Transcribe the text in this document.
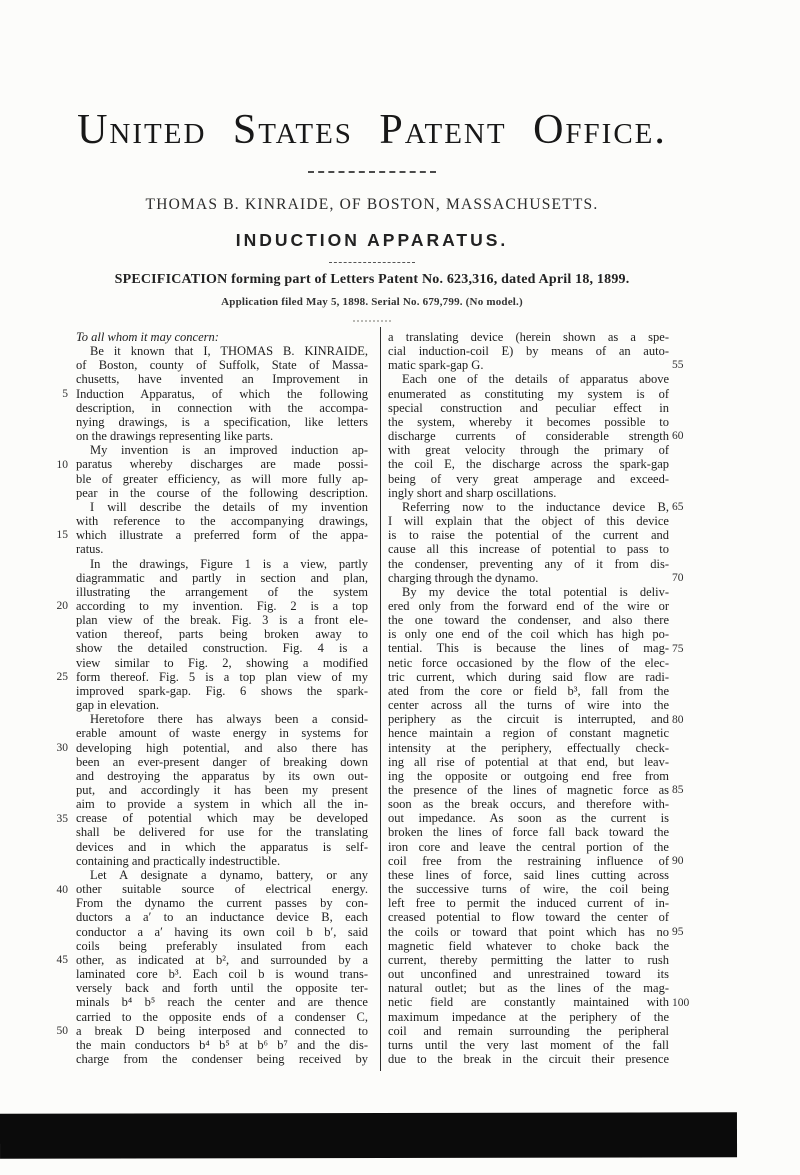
United States Patent Office.
THOMAS B. KINRAIDE, OF BOSTON, MASSACHUSETTS.
INDUCTION APPARATUS.
SPECIFICATION forming part of Letters Patent No. 623,316, dated April 18, 1899.
Application filed May 5, 1898. Serial No. 679,799. (No model.)
5
10
15
20
25
30
35
40
45
50
To all whom it may concern:
Be it known that I, THOMAS B. KINRAIDE,
of Boston, county of Suffolk, State of Massa-
chusetts, have invented an Improvement in
Induction Apparatus, of which the following
description, in connection with the accompa-
nying drawings, is a specification, like letters
on the drawings representing like parts.
My invention is an improved induction ap-
paratus whereby discharges are made possi-
ble of greater efficiency, as will more fully ap-
pear in the course of the following description.
I will describe the details of my invention
with reference to the accompanying drawings,
which illustrate a preferred form of the appa-
ratus.
In the drawings, Figure 1 is a view, partly
diagrammatic and partly in section and plan,
illustrating the arrangement of the system
according to my invention. Fig. 2 is a top
plan view of the break. Fig. 3 is a front ele-
vation thereof, parts being broken away to
show the detailed construction. Fig. 4 is a
view similar to Fig. 2, showing a modified
form thereof. Fig. 5 is a top plan view of my
improved spark-gap. Fig. 6 shows the spark-
gap in elevation.
Heretofore there has always been a consid-
erable amount of waste energy in systems for
developing high potential, and also there has
been an ever-present danger of breaking down
and destroying the apparatus by its own out-
put, and accordingly it has been my present
aim to provide a system in which all the in-
crease of potential which may be developed
shall be delivered for use for the translating
devices and in which the apparatus is self-
containing and practically indestructible.
Let A designate a dynamo, battery, or any
other suitable source of electrical energy.
From the dynamo the current passes by con-
ductors a a′ to an inductance device B, each
conductor a a′ having its own coil b b′, said
coils being preferably insulated from each
other, as indicated at b², and surrounded by a
laminated core b³. Each coil b is wound trans-
versely back and forth until the opposite ter-
minals b⁴ b⁵ reach the center and are thence
carried to the opposite ends of a condenser C,
a break D being interposed and connected to
the main conductors b⁴ b⁵ at b⁶ b⁷ and the dis-
charge from the condenser being received by
a translating device (herein shown as a spe-
cial induction-coil E) by means of an auto-
matic spark-gap G.
Each one of the details of apparatus above
enumerated as constituting my system is of
special construction and peculiar effect in
the system, whereby it becomes possible to
discharge currents of considerable strength
with great velocity through the primary of
the coil E, the discharge across the spark-gap
being of very great amperage and exceed-
ingly short and sharp oscillations.
Referring now to the inductance device B,
I will explain that the object of this device
is to raise the potential of the current and
cause all this increase of potential to pass to
the condenser, preventing any of it from dis-
charging through the dynamo.
By my device the total potential is deliv-
ered only from the forward end of the wire or
the one toward the condenser, and also there
is only one end of the coil which has high po-
tential. This is because the lines of mag-
netic force occasioned by the flow of the elec-
tric current, which during said flow are radi-
ated from the core or field b³, fall from the
center across all the turns of wire into the
periphery as the circuit is interrupted, and
hence maintain a region of constant magnetic
intensity at the periphery, effectually check-
ing all rise of potential at that end, but leav-
ing the opposite or outgoing end free from
the presence of the lines of magnetic force as
soon as the break occurs, and therefore with-
out impedance. As soon as the current is
broken the lines of force fall back toward the
iron core and leave the central portion of the
coil free from the restraining influence of
these lines of force, said lines cutting across
the successive turns of wire, the coil being
left free to permit the induced current of in-
creased potential to flow toward the center of
the coils or toward that point which has no
magnetic field whatever to choke back the
current, thereby permitting the latter to rush
out unconfined and unrestrained toward its
natural outlet; but as the lines of the mag-
netic field are constantly maintained with
maximum impedance at the periphery of the
coil and remain surrounding the peripheral
turns until the very last moment of the fall
due to the break in the circuit their presence
55
60
65
70
75
80
85
90
95
100
